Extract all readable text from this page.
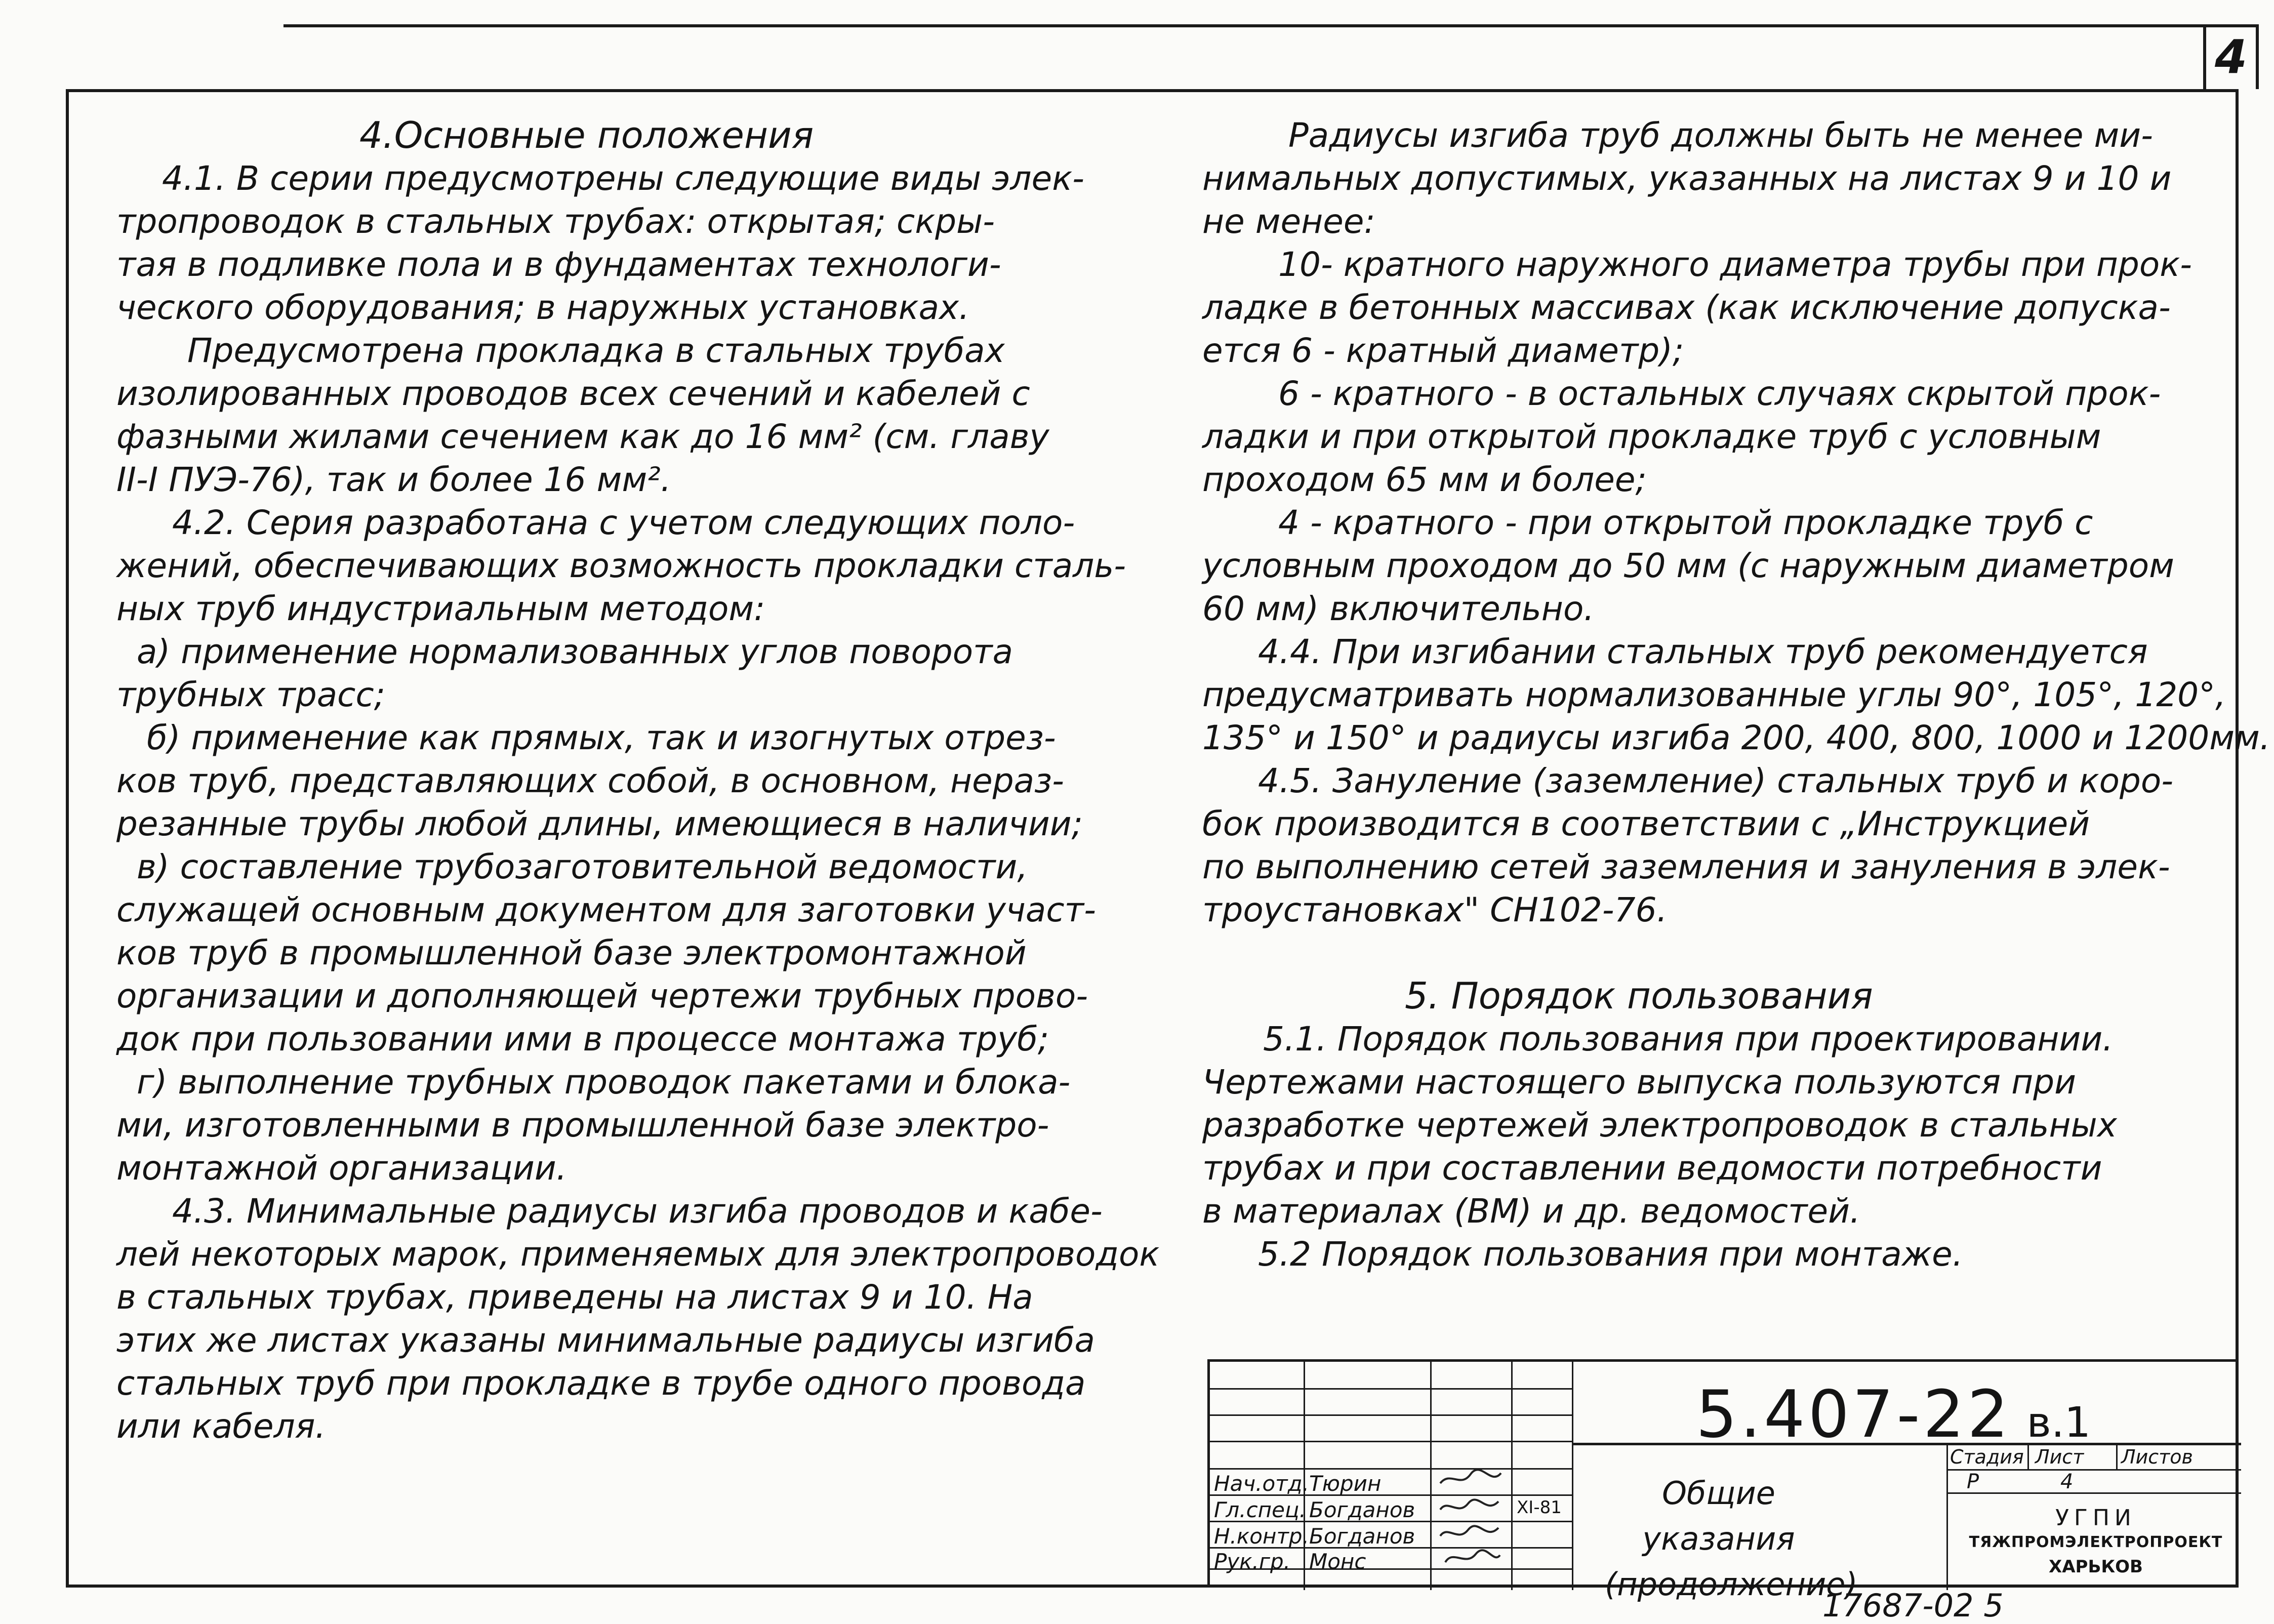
4
4.Основные положения
4.1. В серии предусмотрены следующие виды элек-
тропроводок в стальных трубах: открытая; скры-
тая в подливке пола и в фундаментах технологи-
ческого оборудования; в наружных установках.
Предусмотрена прокладка в стальных трубах
изолированных проводов всех сечений и кабелей с
фазными жилами сечением как до 16 мм² (см. главу
II-I ПУЭ-76), так и более 16 мм².
4.2. Серия разработана с учетом следующих поло-
жений, обеспечивающих возможность прокладки сталь-
ных труб индустриальным методом:
а) применение нормализованных углов поворота
трубных трасс;
б) применение как прямых, так и изогнутых отрез-
ков труб, представляющих собой, в основном, нераз-
резанные трубы любой длины, имеющиеся в наличии;
в) составление трубозаготовительной ведомости,
служащей основным документом для заготовки участ-
ков труб в промышленной базе электромонтажной
организации и дополняющей чертежи трубных прово-
док при пользовании ими в процессе монтажа труб;
г) выполнение трубных проводок пакетами и блока-
ми, изготовленными в промышленной базе электро-
монтажной организации.
4.3. Минимальные радиусы изгиба проводов и кабе-
лей некоторых марок, применяемых для электропроводок
в стальных трубах, приведены на листах 9 и 10. На
этих же листах указаны минимальные радиусы изгиба
стальных труб при прокладке в трубе одного провода
или кабеля.
Радиусы изгиба труб должны быть не менее ми-
нимальных допустимых, указанных на листах 9 и 10 и
не менее:
10- кратного наружного диаметра трубы при прок-
ладке в бетонных массивах (как исключение допуска-
ется 6 - кратный диаметр);
6 - кратного - в остальных случаях скрытой прок-
ладки и при открытой прокладке труб с условным
проходом 65 мм и более;
4 - кратного - при открытой прокладке труб с
условным проходом до 50 мм (с наружным диаметром
60 мм) включительно.
4.4. При изгибании стальных труб рекомендуется
предусматривать нормализованные углы 90°, 105°, 120°,
135° и 150° и радиусы изгиба 200, 400, 800, 1000 и 1200мм.
4.5. Зануление (заземление) стальных труб и коро-
бок производится в соответствии с „Инструкцией
по выполнению сетей заземления и зануления в элек-
троустановках" СН102-76.
5. Порядок пользования
5.1. Порядок пользования при проектировании.
Чертежами настоящего выпуска пользуются при
разработке чертежей электропроводок в стальных
трубах и при составлении ведомости потребности
в материалах (ВМ) и др. ведомостей.
5.2 Порядок пользования при монтаже.
5.407-22 в.1
Нач.отд. Тюрин
Гл.спец. Богданов	XI-81
Н.контр. Богданов
Рук.гр. Монс
Общие указания
(продолжение)
Стадия Лист Листов
Р	4
УГПИ
ТЯЖПРОМЭЛЕКТРОПРОЕКТ
ХАРЬКОВ
17687-02 5
